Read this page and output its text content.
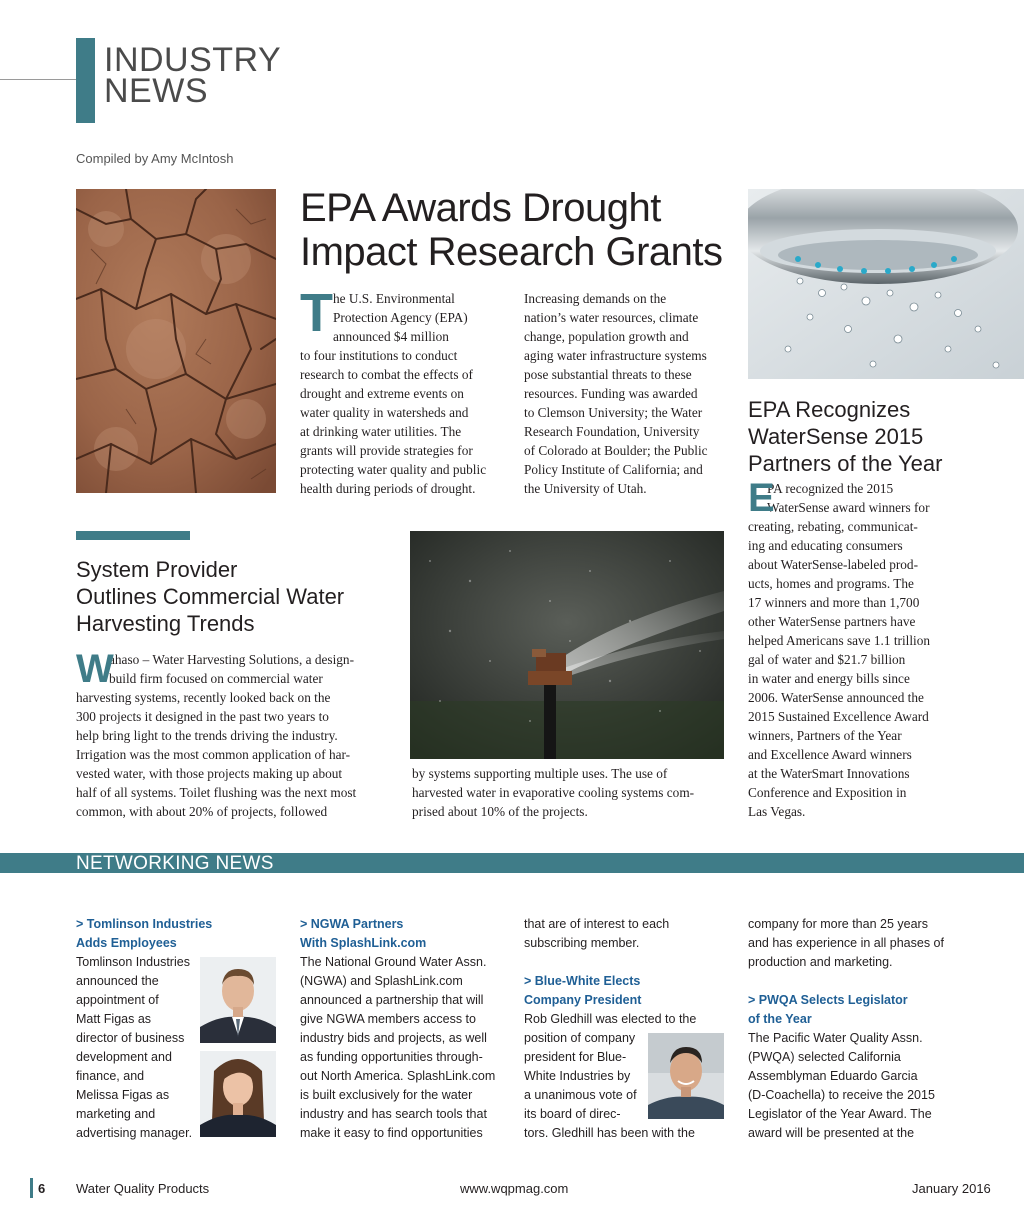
INDUSTRY
NEWS
Compiled by Amy McIntosh
EPA Awards Drought
Impact Research Grants
T he U.S. Environmental
Protection Agency (EPA)
announced $4 million
to four institutions to conduct
research to combat the effects of
drought and extreme events on
water quality in watersheds and
at drinking water utilities. The
grants will provide strategies for
protecting water quality and public
health during periods of drought.
Increasing demands on the
nation’s water resources, climate
change, population growth and
aging water infrastructure systems
pose substantial threats to these
resources. Funding was awarded
to Clemson University; the Water
Research Foundation, University
of Colorado at Boulder; the Public
Policy Institute of California; and
the University of Utah.
EPA Recognizes
WaterSense 2015
Partners of the Year
E
PA recognized the 2015
WaterSense award winners for
creating, rebating, communicat-
ing and educating consumers
about WaterSense-labeled prod-
ucts, homes and programs. The
17 winners and more than 1,700
other WaterSense partners have
helped Americans save 1.1 trillion
gal of water and $21.7 billion
in water and energy bills since
2006. WaterSense announced the
2015 Sustained Excellence Award
winners, Partners of the Year
and Excellence Award winners
at the WaterSmart Innovations
Conference and Exposition in
Las Vegas.
System Provider
Outlines Commercial Water
Harvesting Trends
W
ahaso – Water Harvesting Solutions, a design-
build firm focused on commercial water
harvesting systems, recently looked back on the
300 projects it designed in the past two years to
help bring light to the trends driving the industry.
Irrigation was the most common application of har-
vested water, with those projects making up about
half of all systems. Toilet flushing was the next most
common, with about 20% of projects, followed
by systems supporting multiple uses. The use of
harvested water in evaporative cooling systems com-
prised about 10% of the projects.
NETWORKING NEWS
> Tomlinson Industries
Adds Employees
Tomlinson Industries
announced the
appointment of
Matt Figas as
director of business
development and
finance, and
Melissa Figas as
marketing and
advertising manager.
> NGWA Partners
With SplashLink.com
The National Ground Water Assn.
(NGWA) and SplashLink.com
announced a partnership that will
give NGWA members access to
industry bids and projects, as well
as funding opportunities through-
out North America. SplashLink.com
is built exclusively for the water
industry and has search tools that
make it easy to find opportunities
that are of interest to each
subscribing member.

> Blue-White Elects
Company President
Rob Gledhill was elected to the
position of company
president for Blue-
White Industries by
a unanimous vote of
its board of direc-
tors. Gledhill has been with the
company for more than 25 years
and has experience in all phases of
production and marketing.

> PWQA Selects Legislator
of the Year
The Pacific Water Quality Assn.
(PWQA) selected California
Assemblyman Eduardo Garcia
(D-Coachella) to receive the 2015
Legislator of the Year Award. The
award will be presented at the
6 Water Quality Products	www.wqpmag.com	January 2016
